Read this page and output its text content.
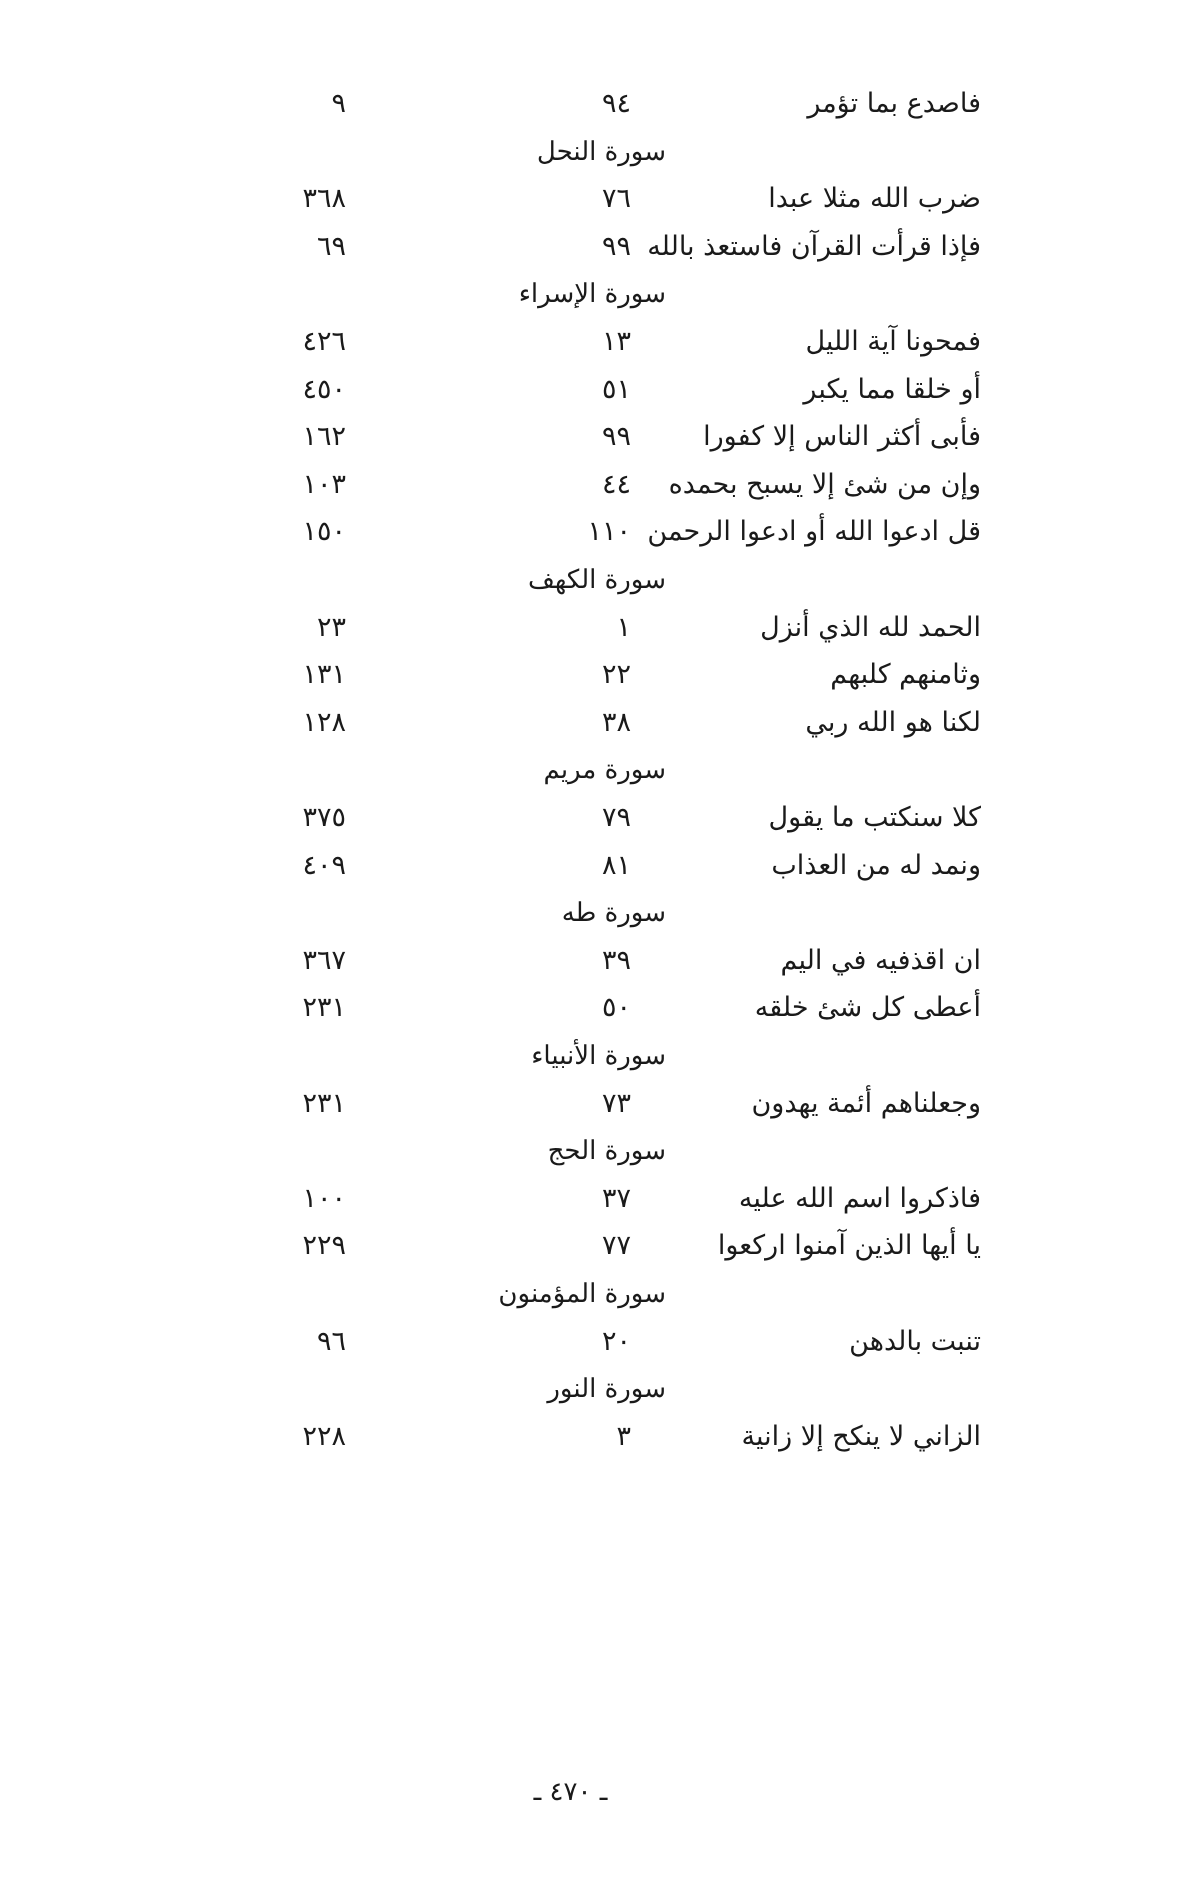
فاصدع بما تؤمر
٩٤
٩
سورة النحل
ضرب الله مثلا عبدا
٧٦
٣٦٨
فإذا قرأت القرآن فاستعذ بالله
٩٩
٦٩
سورة الإسراء
فمحونا آية الليل
١٣
٤٢٦
أو خلقا مما يكبر
٥١
٤٥٠
فأبى أكثر الناس إلا كفورا
٩٩
١٦٢
وإن من شئ إلا يسبح بحمده
٤٤
١٠٣
قل ادعوا الله أو ادعوا الرحمن
١١٠
١٥٠
سورة الكهف
الحمد لله الذي أنزل
١
٢٣
وثامنهم كلبهم
٢٢
١٣١
لكنا هو الله ربي
٣٨
١٢٨
سورة مريم
كلا سنكتب ما يقول
٧٩
٣٧٥
ونمد له من العذاب
٨١
٤٠٩
سورة طه
ان اقذفيه في اليم
٣٩
٣٦٧
أعطى كل شئ خلقه
٥٠
٢٣١
سورة الأنبياء
وجعلناهم أئمة يهدون
٧٣
٢٣١
سورة الحج
فاذكروا اسم الله عليه
٣٧
١٠٠
يا أيها الذين آمنوا اركعوا
٧٧
٢٢٩
سورة المؤمنون
تنبت بالدهن
٢٠
٩٦
سورة النور
الزاني لا ينكح إلا زانية
٣
٢٢٨
ـ ٤٧٠ ـ
